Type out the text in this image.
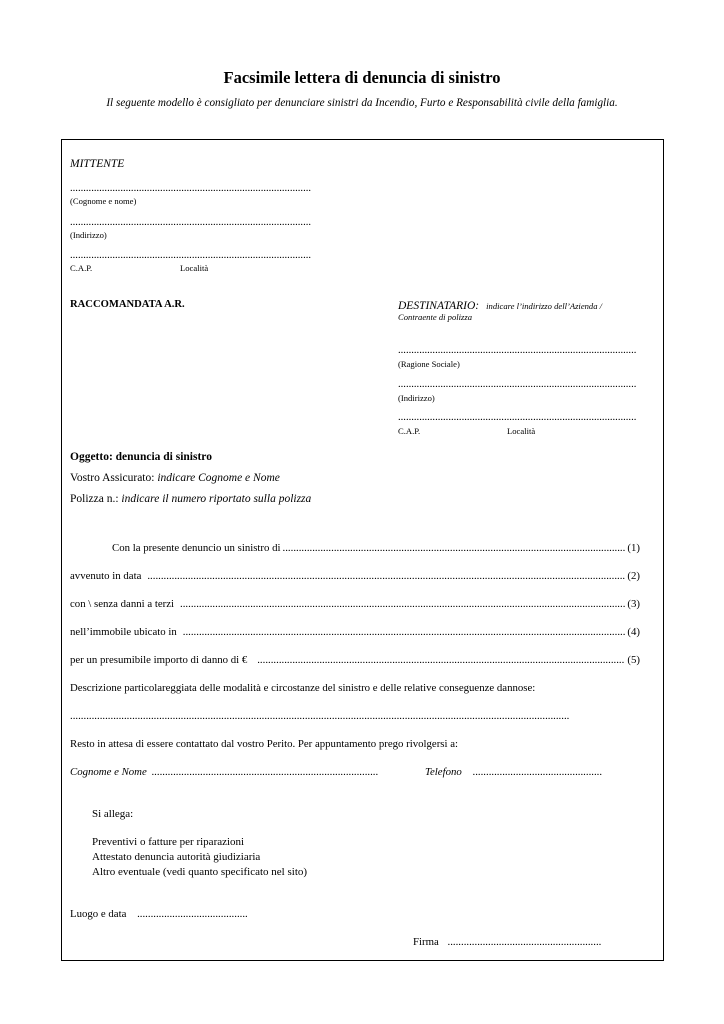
Facsimile lettera di denuncia di sinistro
Il seguente modello è consigliato per denunciare sinistri da Incendio, Furto e Responsabilità civile della famiglia.
MITTENTE
...........................................................................................
(Cognome e nome)
...........................................................................................
(Indirizzo)
...........................................................................................
C.A.P.	Località
RACCOMANDATA A.R.	DESTINATARIO: indicare l’indirizzo dell’Azienda /
Contraente di polizza
..........................................................................................
(Ragione Sociale)
..........................................................................................
(Indirizzo)
..........................................................................................
C.A.P.	Località
Oggetto: denuncia di sinistro
Vostro Assicurato: indicare Cognome e Nome
Polizza n.: indicare il numero riportato sulla polizza
Con la presente denuncio un sinistro di .....	(1)
avvenuto in data .....	(2)
con \ senza danni a terzi .....	(3)
nell’immobile ubicato in .....	(4)
per un presumibile importo di danno di € .....	(5)
Descrizione particolareggiata delle modalità e circostanze del sinistro e delle relative conseguenze dannose:
.........................................................................................................................................................................................
Resto in attesa di essere contattato dal vostro Perito. Per appuntamento prego rivolgersi a:
Cognome e Nome ....................................................................................	Telefono ................................................
Si allega:
Preventivi o fatture per riparazioni
Attestato denuncia autorità giudiziaria
Altro eventuale (vedi quanto specificato nel sito)
Luogo e data .........................................
Firma .........................................................
